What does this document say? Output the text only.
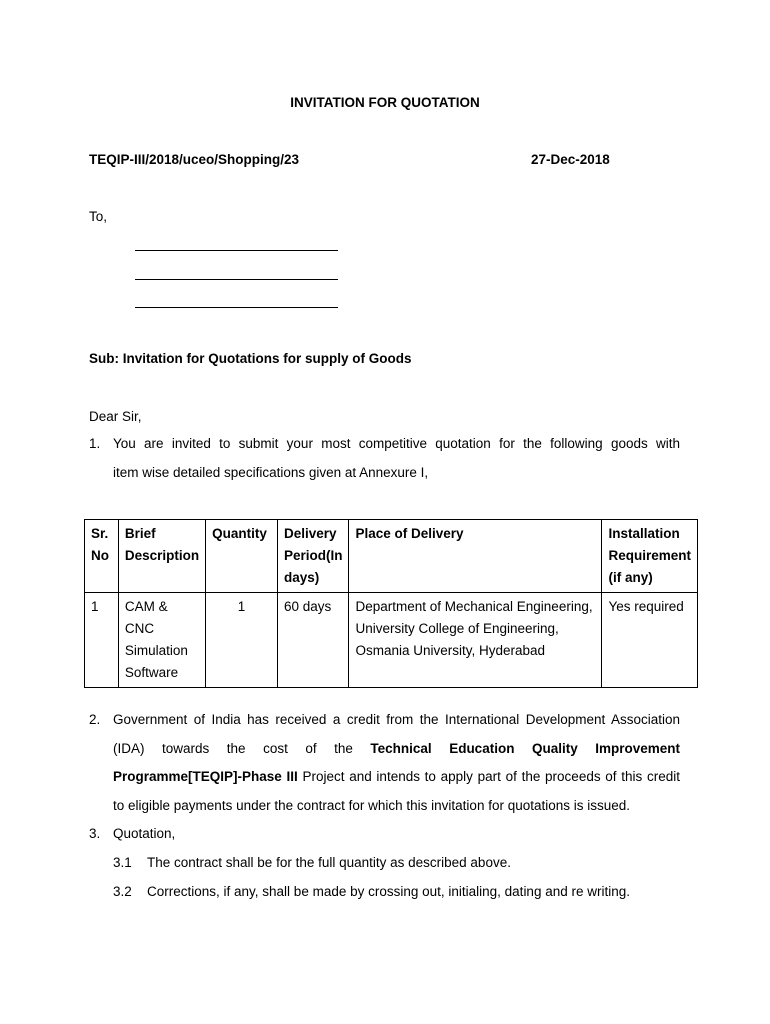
INVITATION FOR QUOTATION
TEQIP-III/2018/uceo/Shopping/23	27-Dec-2018
To,
Sub: Invitation for Quotations for supply of Goods
Dear Sir,
1. You are invited to submit your most competitive quotation for the following goods with
item wise detailed specifications given at Annexure I,
Sr. No	Brief Description	Quantity	Delivery Period(In days)	Place of Delivery	Installation Requirement (if any)
1	CAM & CNC Simulation Software	1	60 days	Department of Mechanical Engineering, University College of Engineering, Osmania University, Hyderabad	Yes required
2. Government of India has received a credit from the International Development Association
(IDA) towards the cost of the Technical Education Quality Improvement
Programme[TEQIP]-Phase III Project and intends to apply part of the proceeds of this credit
to eligible payments under the contract for which this invitation for quotations is issued.
3. Quotation,
3.1 The contract shall be for the full quantity as described above.
3.2 Corrections, if any, shall be made by crossing out, initialing, dating and re writing.
